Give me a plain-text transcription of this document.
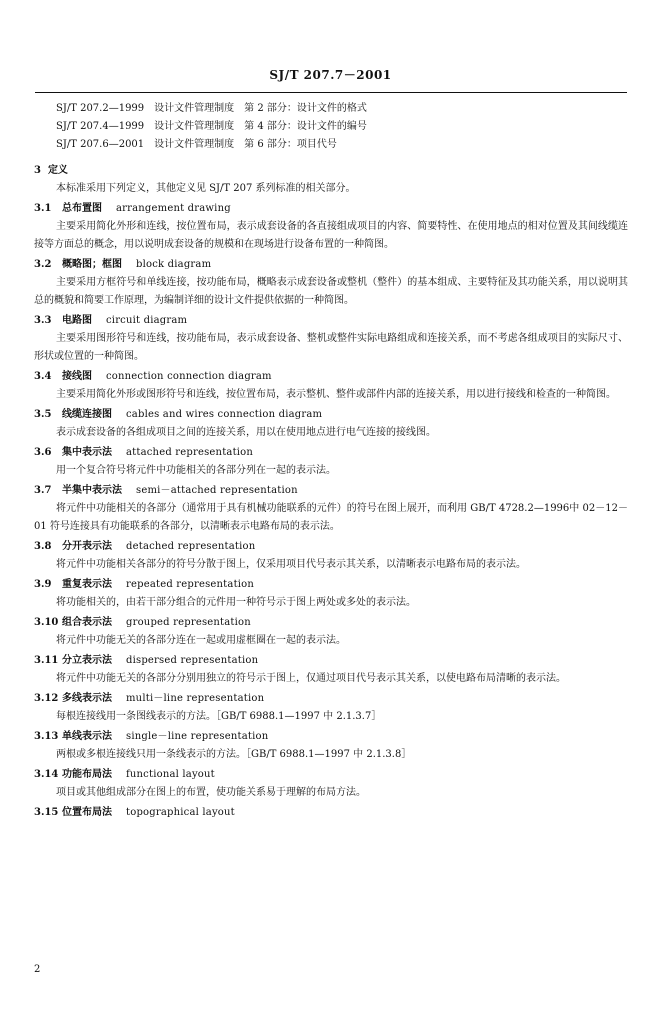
SJ/T 207.7－2001
SJ/T 207.2—1999　设计文件管理制度　第 2 部分：设计文件的格式
SJ/T 207.4—1999　设计文件管理制度　第 4 部分：设计文件的编号
SJ/T 207.6—2001　设计文件管理制度　第 6 部分：项目代号
3 定义

本标准采用下列定义，其他定义见 SJ/T 207 系列标准的相关部分。

3.1 总布置图 arrangement drawing

主要采用简化外形和连线，按位置布局，表示成套设备的各直接组成项目的内容、简要特性、在使用地点的相对位置及其间线缆连接等方面总的概念，用以说明成套设备的规模和在现场进行设备布置的一种简图。

3.2 概略图；框图 block diagram

主要采用方框符号和单线连接，按功能布局，概略表示成套设备或整机（整件）的基本组成、主要特征及其功能关系，用以说明其总的概貌和简要工作原理，为编制详细的设计文件提供依据的一种简图。

3.3 电路图 circuit diagram

主要采用图形符号和连线，按功能布局，表示成套设备、整机或整件实际电路组成和连接关系，而不考虑各组成项目的实际尺寸、形状或位置的一种简图。

3.4 接线图 connection connection diagram

主要采用简化外形或图形符号和连线，按位置布局，表示整机、整件或部件内部的连接关系，用以进行接线和检查的一种简图。

3.5 线缆连接图 cables and wires connection diagram

表示成套设备的各组成项目之间的连接关系，用以在使用地点进行电气连接的接线图。

3.6 集中表示法 attached representation

用一个复合符号将元件中功能相关的各部分列在一起的表示法。

3.7 半集中表示法 semi－attached representation

将元件中功能相关的各部分（通常用于具有机械功能联系的元件）的符号在图上展开，而利用 GB/T 4728.2—1996中 02－12－01 符号连接具有功能联系的各部分，以清晰表示电路布局的表示法。

3.8 分开表示法 detached representation

将元件中功能相关各部分的符号分散于图上，仅采用项目代号表示其关系，以清晰表示电路布局的表示法。

3.9 重复表示法 repeated representation

将功能相关的，由若干部分组合的元件用一种符号示于图上两处或多处的表示法。

3.10 组合表示法 grouped representation

将元件中功能无关的各部分连在一起或用虚框圈在一起的表示法。

3.11 分立表示法 dispersed representation

将元件中功能无关的各部分分别用独立的符号示于图上，仅通过项目代号表示其关系，以使电路布局清晰的表示法。

3.12 多线表示法 multi－line representation

每根连接线用一条图线表示的方法。［GB/T 6988.1—1997 中 2.1.3.7］

3.13 单线表示法 single－line representation

两根或多根连接线只用一条线表示的方法。［GB/T 6988.1—1997 中 2.1.3.8］

3.14 功能布局法 functional layout

项目或其他组成部分在图上的布置，使功能关系易于理解的布局方法。

3.15 位置布局法 topographical layout
2
